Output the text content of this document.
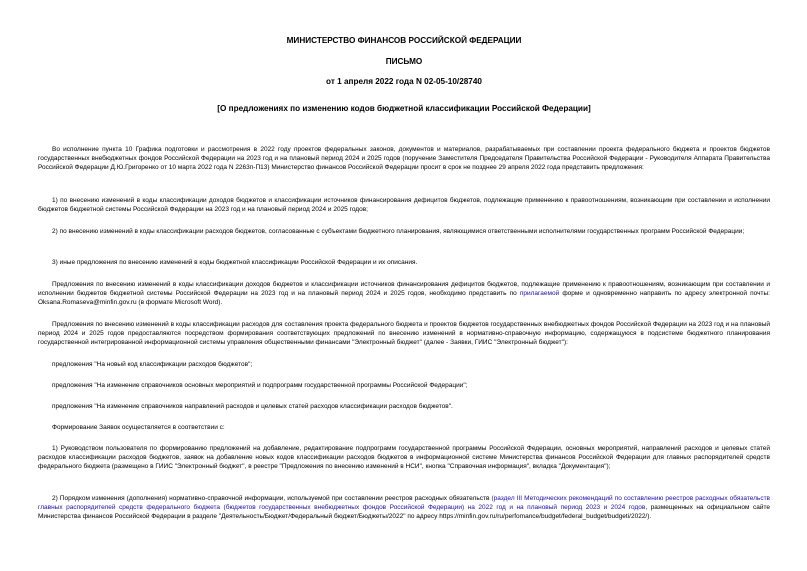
МИНИСТЕРСТВО ФИНАНСОВ РОССИЙСКОЙ ФЕДЕРАЦИИ
ПИСЬМО
от 1 апреля 2022 года N 02-05-10/28740
[О предложениях по изменению кодов бюджетной классификации Российской Федерации]

Во исполнение пункта 10 Графика подготовки и рассмотрения в 2022 году проектов федеральных законов, документов и материалов, разрабатываемых при составлении проекта федерального бюджета и проектов бюджетов государственных внебюджетных фондов Российской Федерации на 2023 год и на плановый период 2024 и 2025 годов (поручение Заместителя Председателя Правительства Российской Федерации - Руководителя Аппарата Правительства Российской Федерации Д.Ю.Григоренко от 10 марта 2022 года N 2263п-П13) Министерство финансов Российской Федерации просит в срок не позднее 29 апреля 2022 года представить предложения:

1) по внесению изменений в коды классификации доходов бюджетов и классификации источников финансирования дефицитов бюджетов, подлежащие применению к правоотношениям, возникающим при составлении и исполнении бюджетов бюджетной системы Российской Федерации на 2023 год и на плановый период 2024 и 2025 годов;

2) по внесению изменений в коды классификации расходов бюджетов, согласованные с субъектами бюджетного планирования, являющимися ответственными исполнителями государственных программ Российской Федерации;

3) иные предложения по внесению изменений в коды бюджетной классификации Российской Федерации и их описания.

Предложения по внесению изменений в коды классификации доходов бюджетов и классификации источников финансирования дефицитов бюджетов, подлежащие применению к правоотношениям, возникающим при составлении и исполнении бюджетов бюджетной системы Российской Федерации на 2023 год и на плановый период 2024 и 2025 годов, необходимо представить по прилагаемой форме и одновременно направить по адресу электронной почты: Oksana.Romaseva@minfin.gov.ru (в формате Microsoft Word).

Предложения по внесению изменений в коды классификации расходов для составления проекта федерального бюджета и проектов бюджетов государственных внебюджетных фондов Российской Федерации на 2023 год и на плановый период 2024 и 2025 годов предоставляются посредством формирования соответствующих предложений по внесению изменений в нормативно-справочную информацию, содержащуюся в подсистеме бюджетного планирования государственной интегрированной информационной системы управления общественными финансами "Электронный бюджет" (далее - Заявки, ГИИС "Электронный бюджет"):

предложения "На новый код классификации расходов бюджетов";

предложения "На изменение справочников основных мероприятий и подпрограмм государственной программы Российской Федерации";

предложения "На изменение справочников направлений расходов и целевых статей расходов классификации расходов бюджетов".

Формирование Заявок осуществляется в соответствии с:

1) Руководством пользователя по формированию предложений на добавление, редактирование подпрограмм государственной программы Российской Федерации, основных мероприятий, направлений расходов и целевых статей расходов классификации расходов бюджетов, заявок на добавление новых кодов классификации расходов бюджетов в информационной системе Министерства финансов Российской Федерации для главных распорядителей средств федерального бюджета (размещено в ГИИС "Электронный бюджет", в реестре "Предложения по внесению изменений в НСИ", кнопка "Справочная информация", вкладка "Документация");

2) Порядком изменения (дополнения) нормативно-справочной информации, используемой при составлении реестров расходных обязательств (раздел III Методических рекомендаций по составлению реестров расходных обязательств главных распорядителей средств федерального бюджета (бюджетов государственных внебюджетных фондов Российской Федерации) на 2022 год и на плановый период 2023 и 2024 годов, размещенных на официальном сайте Министерства финансов Российской Федерации в разделе "Деятельность/Бюджет/Федеральный бюджет/Бюджеты/2022" по адресу https://minfin.gov.ru/ru/perfomance/budget/federal_budget/budgeti/2022/).
